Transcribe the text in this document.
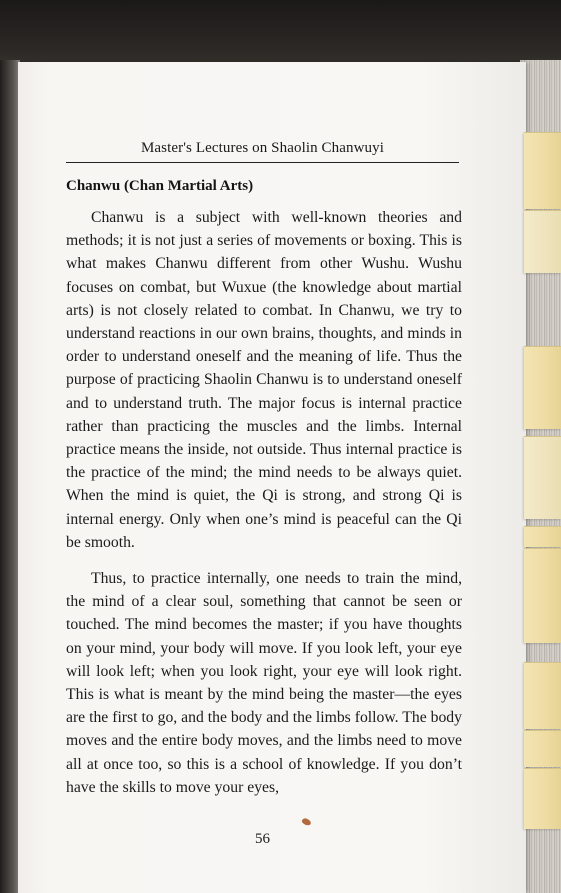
Master's Lectures on Shaolin Chanwuyi
Chanwu (Chan Martial Arts)

Chanwu is a subject with well-known theories and methods; it is not just a series of movements or boxing. This is what makes Chanwu different from other Wushu. Wushu focuses on combat, but Wuxue (the knowledge about martial arts) is not closely related to combat. In Chanwu, we try to understand reactions in our own brains, thoughts, and minds in order to understand oneself and the meaning of life. Thus the purpose of practicing Shaolin Chanwu is to understand oneself and to understand truth. The major focus is internal practice rather than practicing the muscles and the limbs. Internal practice means the inside, not outside. Thus internal practice is the practice of the mind; the mind needs to be always quiet. When the mind is quiet, the Qi is strong, and strong Qi is internal energy. Only when one’s mind is peaceful can the Qi be smooth.

Thus, to practice internally, one needs to train the mind, the mind of a clear soul, something that cannot be seen or touched. The mind becomes the master; if you have thoughts on your mind, your body will move. If you look left, your eye will look left; when you look right, your eye will look right. This is what is meant by the mind being the master—the eyes are the first to go, and the body and the limbs follow. The body moves and the entire body moves, and the limbs need to move all at once too, so this is a school of knowledge. If you don’t have the skills to move your eyes,

56
